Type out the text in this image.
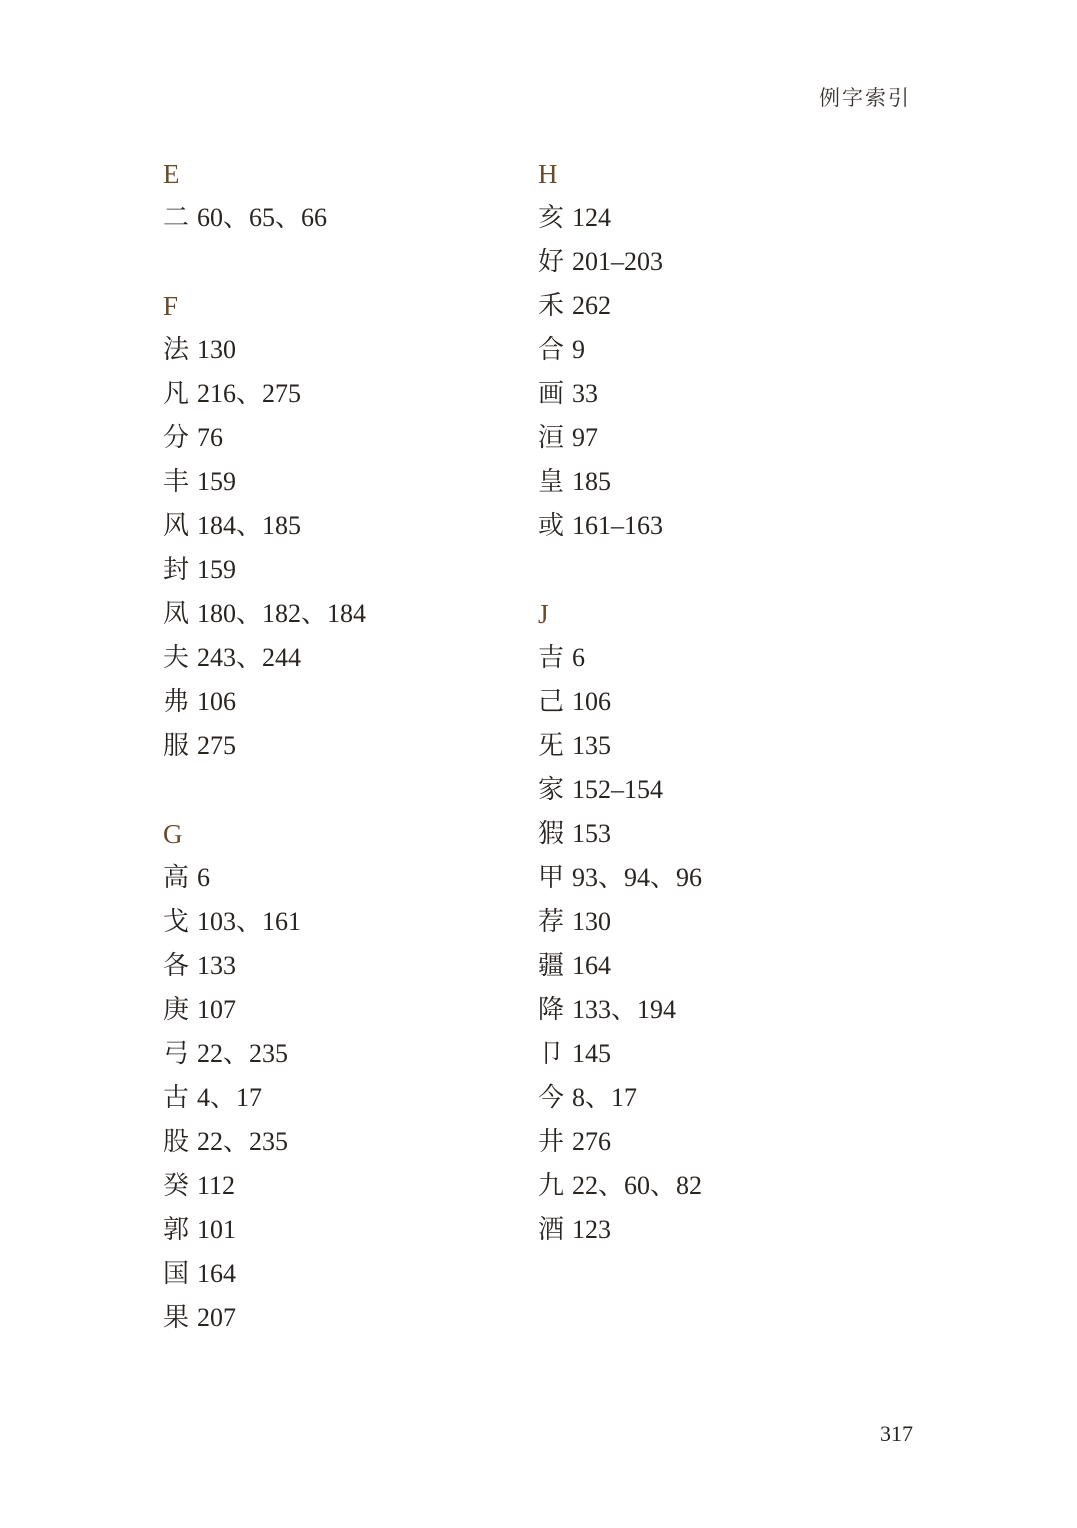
例字索引
E
二 60、65、66
F
法 130
凡 216、275
分 76
丰 159
风 184、185
封 159
凤 180、182、184
夫 243、244
弗 106
服 275
G
高 6
戈 103、161
各 133
庚 107
弓 22、235
古 4、17
股 22、235
癸 112
郭 101
国 164
果 207
H
亥 124
好 201–203
禾 262
合 9
画 33
洹 97
皇 185
或 161–163
J
吉 6
己 106
旡 135
家 152–154
猳 153
甲 93、94、96
荐 130
疆 164
降 133、194
卩 145
今 8、17
井 276
九 22、60、82
酒 123
317
